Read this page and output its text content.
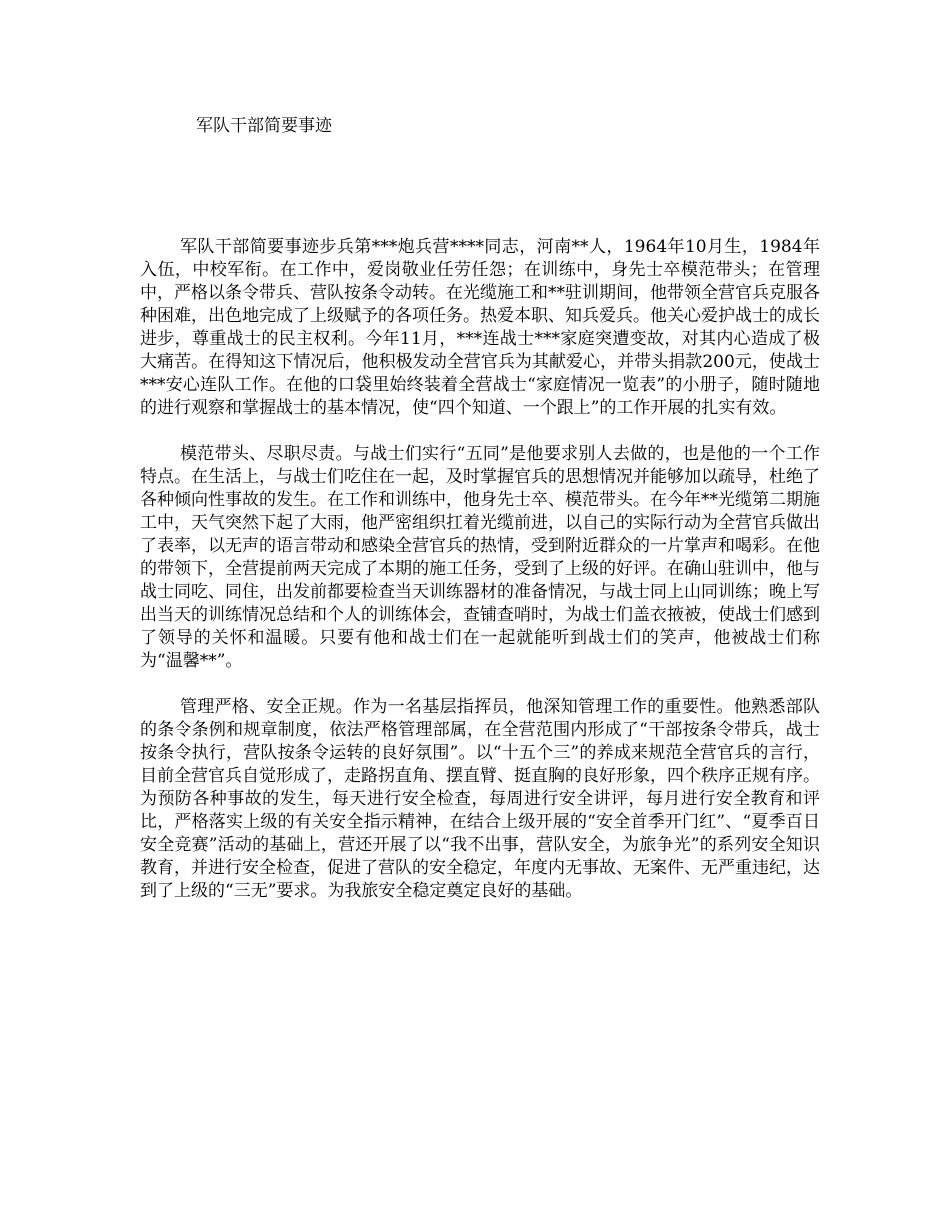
军队干部简要事迹

军队干部简要事迹步兵第***炮兵营****同志，河南**人，1964年10月生，1984年入伍，中校军衔。在工作中，爱岗敬业任劳任怨；在训练中，身先士卒模范带头；在管理中，严格以条令带兵、营队按条令动转。在光缆施工和**驻训期间，他带领全营官兵克服各种困难，出色地完成了上级赋予的各项任务。热爱本职、知兵爱兵。他关心爱护战士的成长进步，尊重战士的民主权利。今年11月，***连战士***家庭突遭变故，对其内心造成了极大痛苦。在得知这下情况后，他积极发动全营官兵为其献爱心，并带头捐款200元，使战士***安心连队工作。在他的口袋里始终装着全营战士“家庭情况一览表”的小册子，随时随地的进行观察和掌握战士的基本情况，使“四个知道、一个跟上”的工作开展的扎实有效。

模范带头、尽职尽责。与战士们实行“五同”是他要求别人去做的，也是他的一个工作特点。在生活上，与战士们吃住在一起，及时掌握官兵的思想情况并能够加以疏导，杜绝了各种倾向性事故的发生。在工作和训练中，他身先士卒、模范带头。在今年**光缆第二期施工中，天气突然下起了大雨，他严密组织扛着光缆前进，以自己的实际行动为全营官兵做出了表率，以无声的语言带动和感染全营官兵的热情，受到附近群众的一片掌声和喝彩。在他的带领下，全营提前两天完成了本期的施工任务，受到了上级的好评。在确山驻训中，他与战士同吃、同住，出发前都要检查当天训练器材的准备情况，与战士同上山同训练；晚上写出当天的训练情况总结和个人的训练体会，查铺查哨时，为战士们盖衣掖被，使战士们感到了领导的关怀和温暖。只要有他和战士们在一起就能听到战士们的笑声，他被战士们称为“温馨**”。

管理严格、安全正规。作为一名基层指挥员，他深知管理工作的重要性。他熟悉部队的条令条例和规章制度，依法严格管理部属，在全营范围内形成了“干部按条令带兵，战士按条令执行，营队按条令运转的良好氛围”。以“十五个三”的养成来规范全营官兵的言行，目前全营官兵自觉形成了，走路拐直角、摆直臂、挺直胸的良好形象，四个秩序正规有序。为预防各种事故的发生，每天进行安全检查，每周进行安全讲评，每月进行安全教育和评比，严格落实上级的有关安全指示精神，在结合上级开展的“安全首季开门红”、“夏季百日安全竞赛”活动的基础上，营还开展了以“我不出事，营队安全，为旅争光”的系列安全知识教育，并进行安全检查，促进了营队的安全稳定，年度内无事故、无案件、无严重违纪，达到了上级的“三无”要求。为我旅安全稳定奠定良好的基础。
